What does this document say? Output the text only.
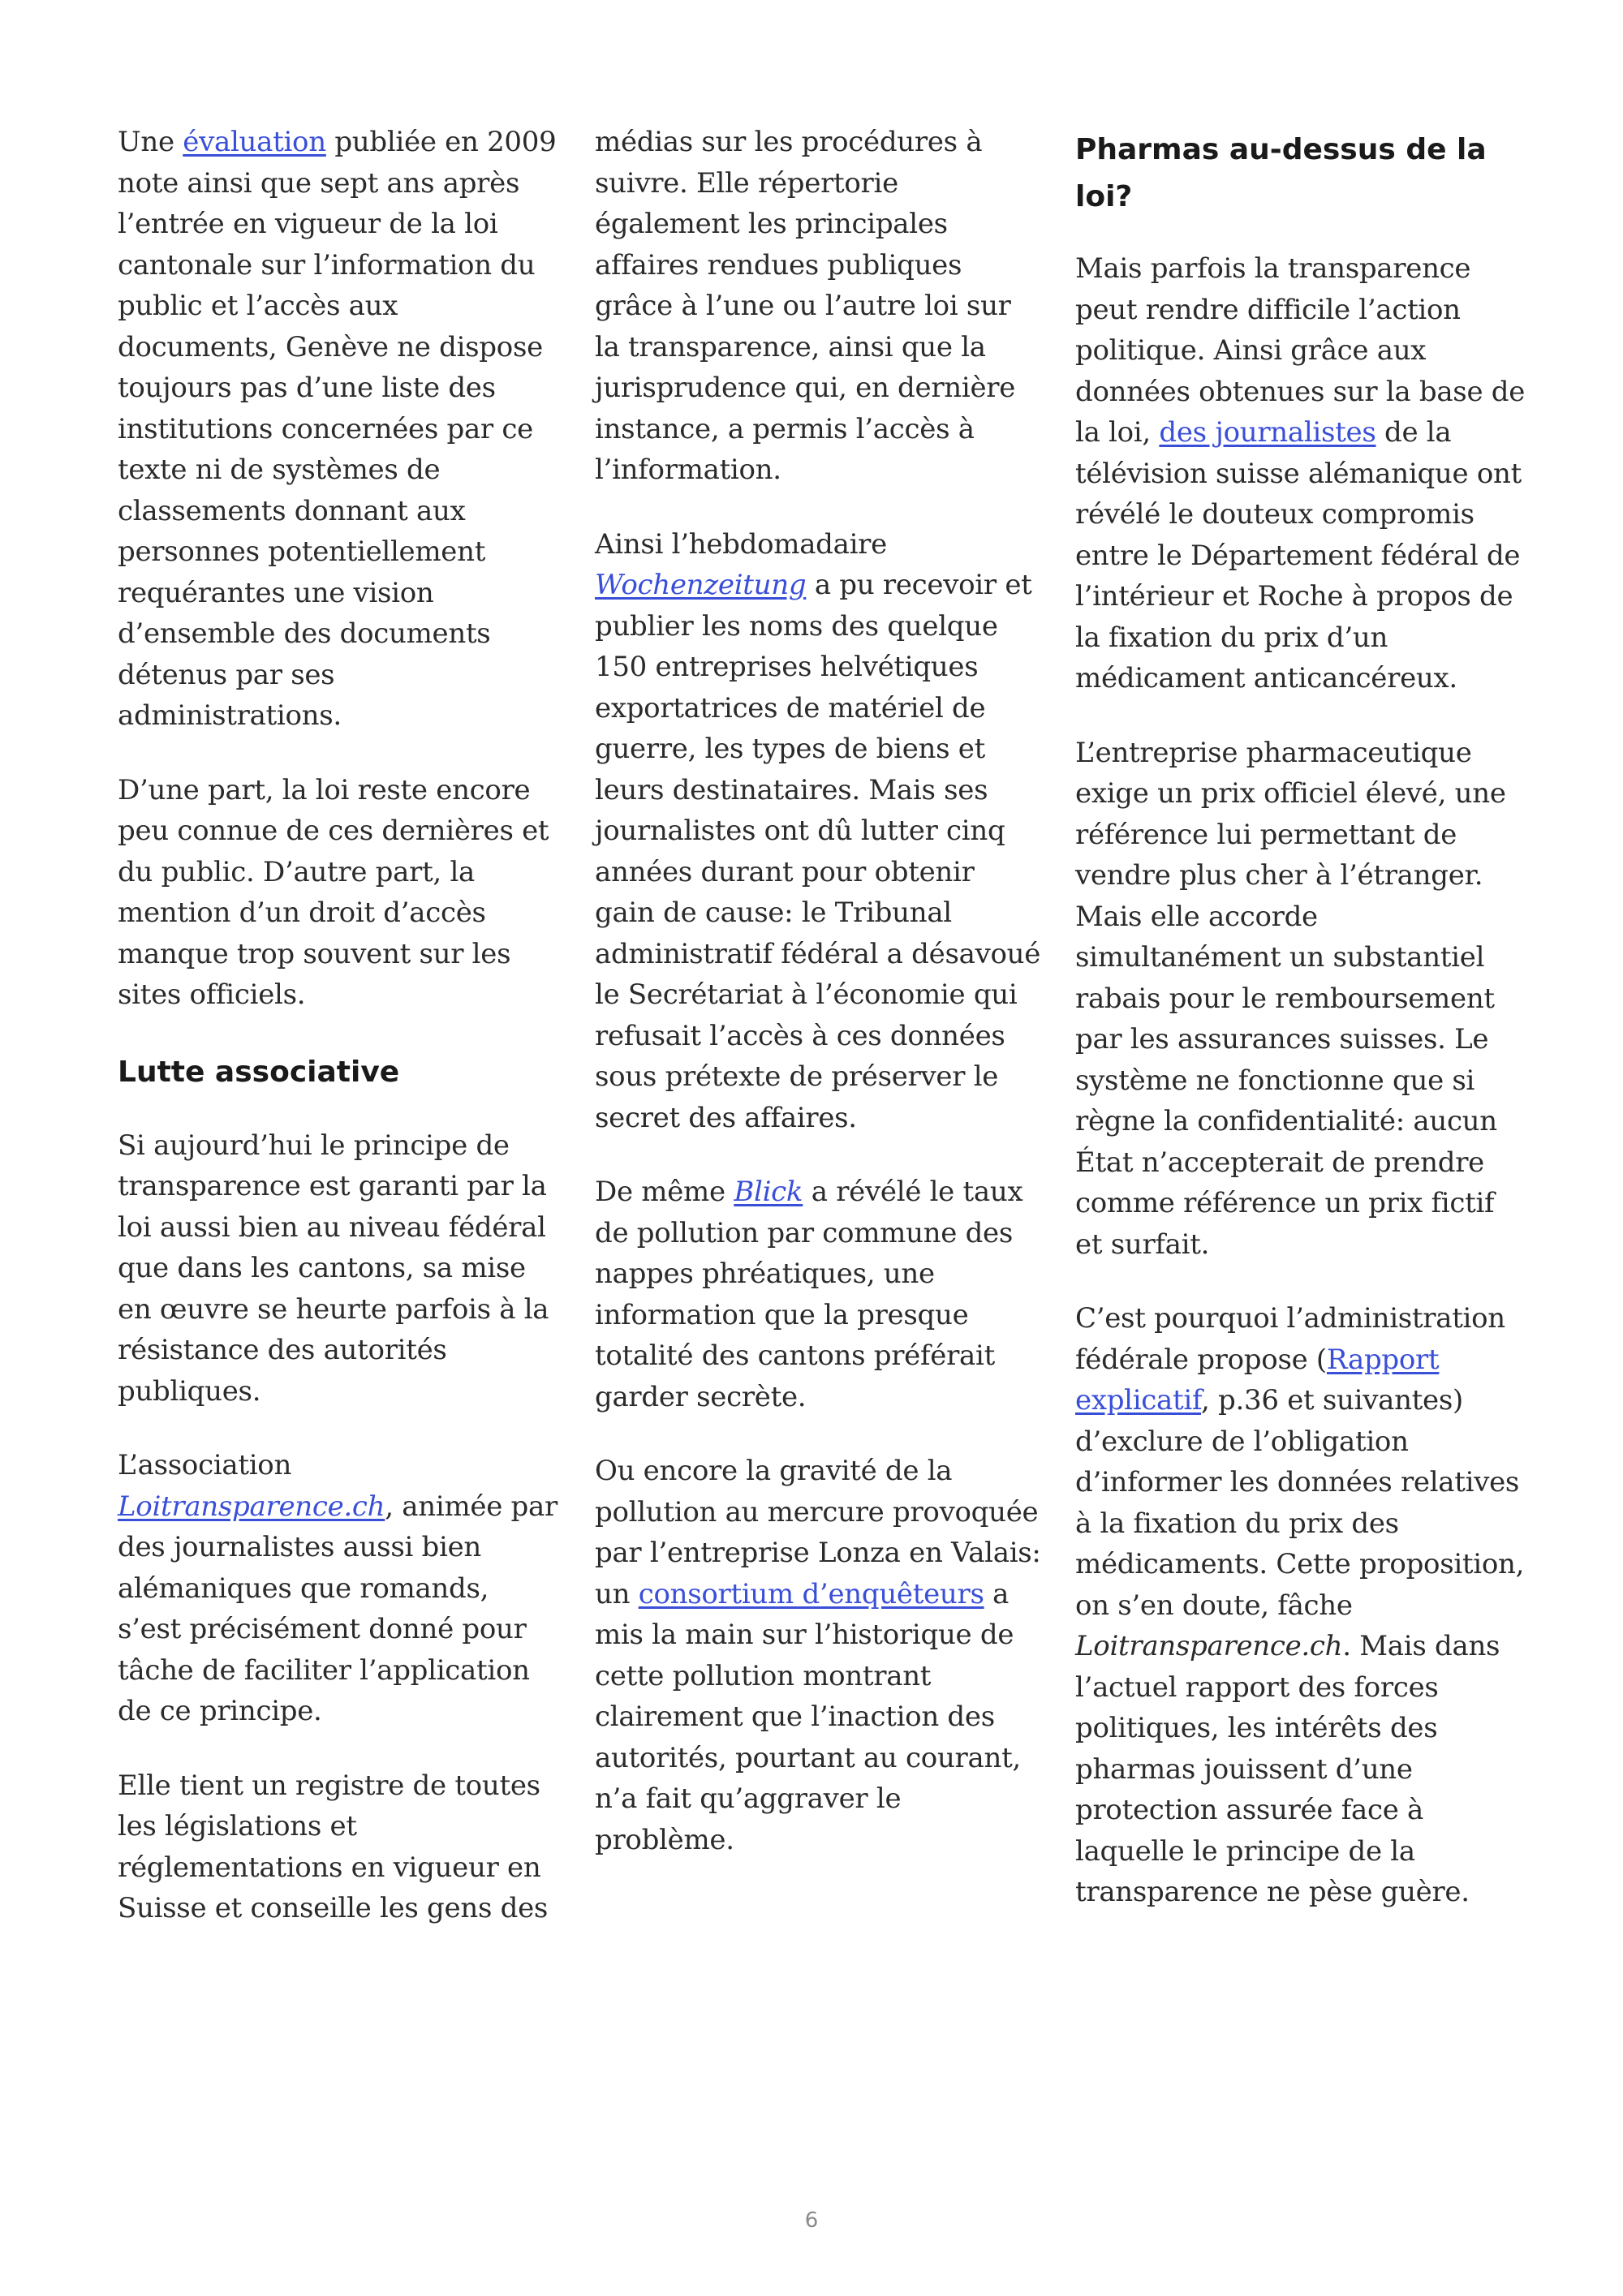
Une évaluation publiée en 2009 note ainsi que sept ans après l’entrée en vigueur de la loi cantonale sur l’information du public et l’accès aux documents, Genève ne dispose toujours pas d’une liste des institutions concernées par ce texte ni de systèmes de classements donnant aux personnes potentiellement requérantes une vision d’ensemble des documents détenus par ses administrations.

D’une part, la loi reste encore peu connue de ces dernières et du public. D’autre part, la mention d’un droit d’accès manque trop souvent sur les sites officiels.

Lutte associative

Si aujourd’hui le principe de transparence est garanti par la loi aussi bien au niveau fédéral que dans les cantons, sa mise en œuvre se heurte parfois à la résistance des autorités publiques.

L’association Loitransparence.ch, animée par des journalistes aussi bien alémaniques que romands, s’est précisément donné pour tâche de faciliter l’application de ce principe.

Elle tient un registre de toutes les législations et réglementations en vigueur en Suisse et conseille les gens des

médias sur les procédures à suivre. Elle répertorie également les principales affaires rendues publiques grâce à l’une ou l’autre loi sur la transparence, ainsi que la jurisprudence qui, en dernière instance, a permis l’accès à l’information.

Ainsi l’hebdomadaire Wochenzeitung a pu recevoir et publier les noms des quelque 150 entreprises helvétiques exportatrices de matériel de guerre, les types de biens et leurs destinataires. Mais ses journalistes ont dû lutter cinq années durant pour obtenir gain de cause: le Tribunal administratif fédéral a désavoué le Secrétariat à l’économie qui refusait l’accès à ces données sous prétexte de préserver le secret des affaires.

De même Blick a révélé le taux de pollution par commune des nappes phréatiques, une information que la presque totalité des cantons préférait garder secrète.

Ou encore la gravité de la pollution au mercure provoquée par l’entreprise Lonza en Valais: un consortium d’enquêteurs a mis la main sur l’historique de cette pollution montrant clairement que l’inaction des autorités, pourtant au courant, n’a fait qu’aggraver le problème.

Pharmas au-dessus de la loi?

Mais parfois la transparence peut rendre difficile l’action politique. Ainsi grâce aux données obtenues sur la base de la loi, des journalistes de la télévision suisse alémanique ont révélé le douteux compromis entre le Département fédéral de l’intérieur et Roche à propos de la fixation du prix d’un médicament anticancéreux.

L’entreprise pharmaceutique exige un prix officiel élevé, une référence lui permettant de vendre plus cher à l’étranger. Mais elle accorde simultanément un substantiel rabais pour le remboursement par les assurances suisses. Le système ne fonctionne que si règne la confidentialité: aucun État n’accepterait de prendre comme référence un prix fictif et surfait.

C’est pourquoi l’administration fédérale propose (Rapport explicatif, p.36 et suivantes) d’exclure de l’obligation d’informer les données relatives à la fixation du prix des médicaments. Cette proposition, on s’en doute, fâche Loitransparence.ch. Mais dans l’actuel rapport des forces politiques, les intérêts des pharmas jouissent d’une protection assurée face à laquelle le principe de la transparence ne pèse guère.

6
